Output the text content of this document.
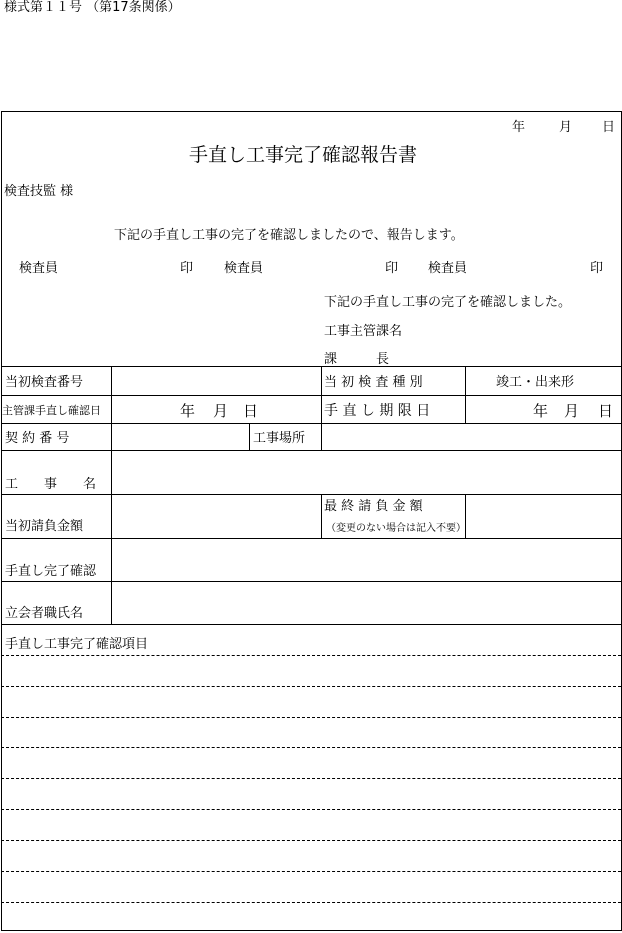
様式第１１号 （第17条関係）
年	月 日
手直し工事完了確認報告書
検査技監 様
下記の手直し工事の完了を確認しましたので、報告します。
検査員	印 検査員	印 検査員	印
下記の手直し工事の完了を確認しました。
工事主管課名
課　　　長
当初検査番号	当 初 検 査 種 別	竣工・出来形
主管課手直し確認日	年 月 日	手 直 し 期 限 日	年 月 日
契 約 番 号	工事場所
工　　事　　名
当初請負金額
最 終 請 負 金 額
（変更のない場合は記入不要）
手直し完了確認
立会者職氏名
手直し工事完了確認項目
